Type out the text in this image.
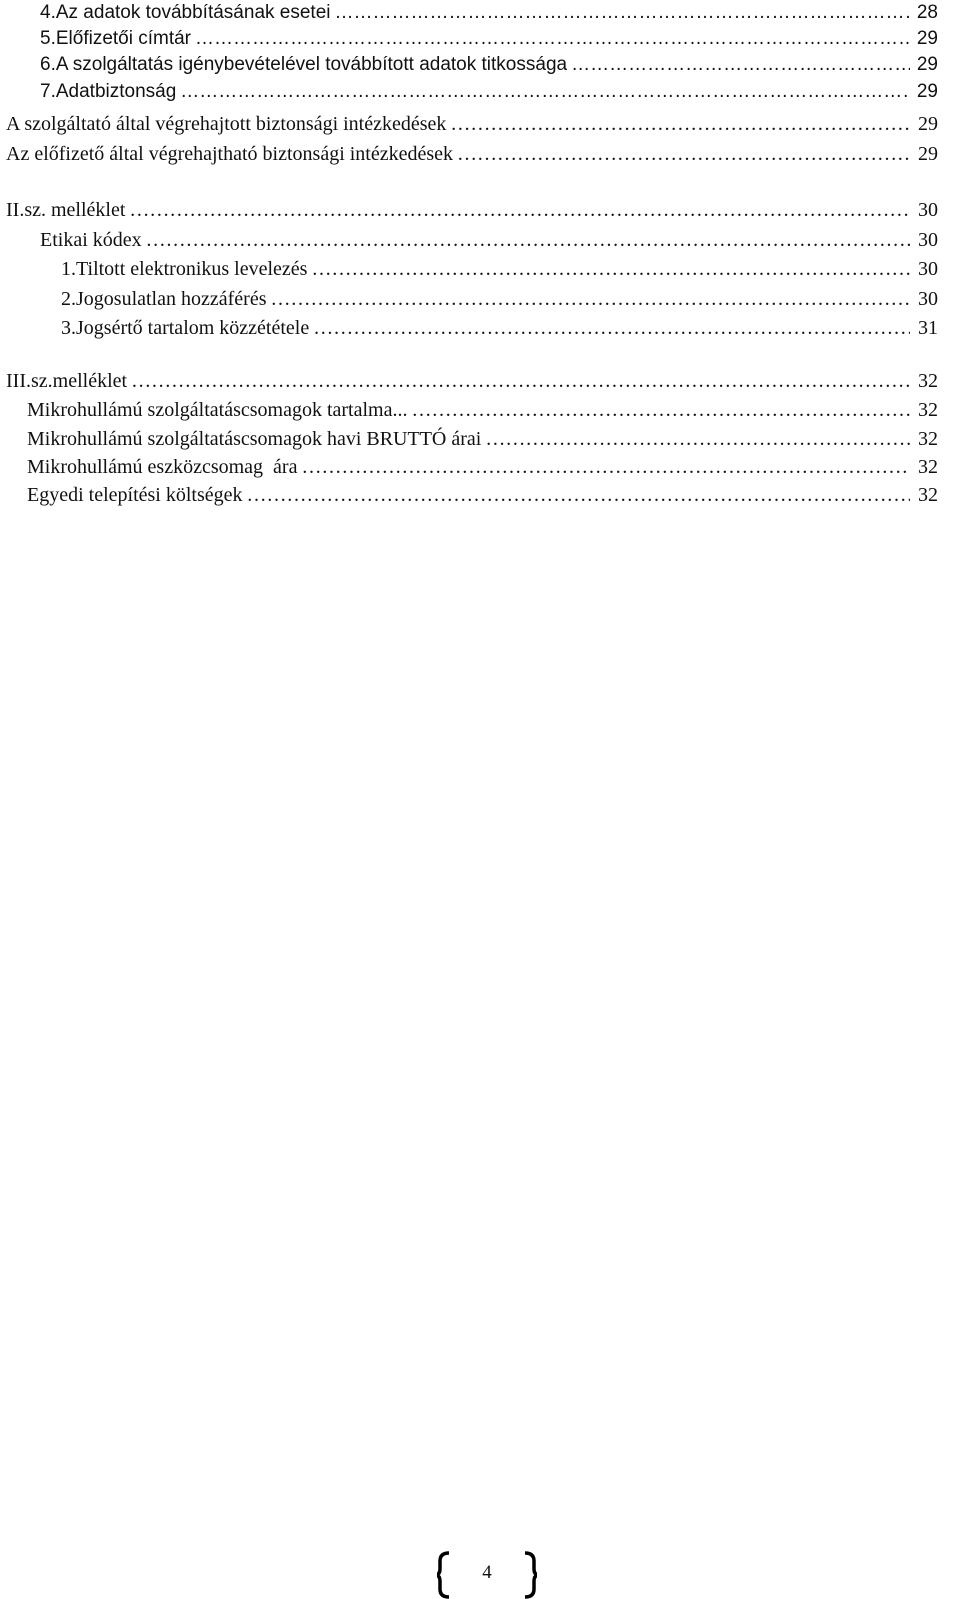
4. Az adatok továbbításának esetei …………………………………………………………………………………………………………………………………………………………………………………………………………	28
5. Előfizetői címtár …………………………………………………………………………………………………………………………………………………………………………………………………………	29
6. A szolgáltatás igénybevételével továbbított adatok titkossága …………………………………………………………………………………………………………………………………………………………………………………………………………	29
7. Adatbiztonság …………………………………………………………………………………………………………………………………………………………………………………………………………	29
A szolgáltató által végrehajtott biztonsági intézkedések …………………………………………………………………………………………………………………………………………………………………………………………………………	29
Az előfizető által végrehajtható biztonsági intézkedések …………………………………………………………………………………………………………………………………………………………………………………………………………	29
II.sz. melléklet …………………………………………………………………………………………………………………………………………………………………………………………………………	30
Etikai kódex …………………………………………………………………………………………………………………………………………………………………………………………………………	30
1. Tiltott elektronikus levelezés …………………………………………………………………………………………………………………………………………………………………………………………………………	30
2. Jogosulatlan hozzáférés …………………………………………………………………………………………………………………………………………………………………………………………………………	30
3. Jogsértő tartalom közzététele …………………………………………………………………………………………………………………………………………………………………………………………………………	31
III.sz.melléklet …………………………………………………………………………………………………………………………………………………………………………………………………………	32
Mikrohullámú szolgáltatáscsomagok tartalma... …………………………………………………………………………………………………………………………………………………………………………………………………………	32
Mikrohullámú szolgáltatáscsomagok havi BRUTTÓ árai …………………………………………………………………………………………………………………………………………………………………………………………………………	32
Mikrohullámú eszközcsomag  ára …………………………………………………………………………………………………………………………………………………………………………………………………………	32
Egyedi telepítési költségek …………………………………………………………………………………………………………………………………………………………………………………………………………	32
4
